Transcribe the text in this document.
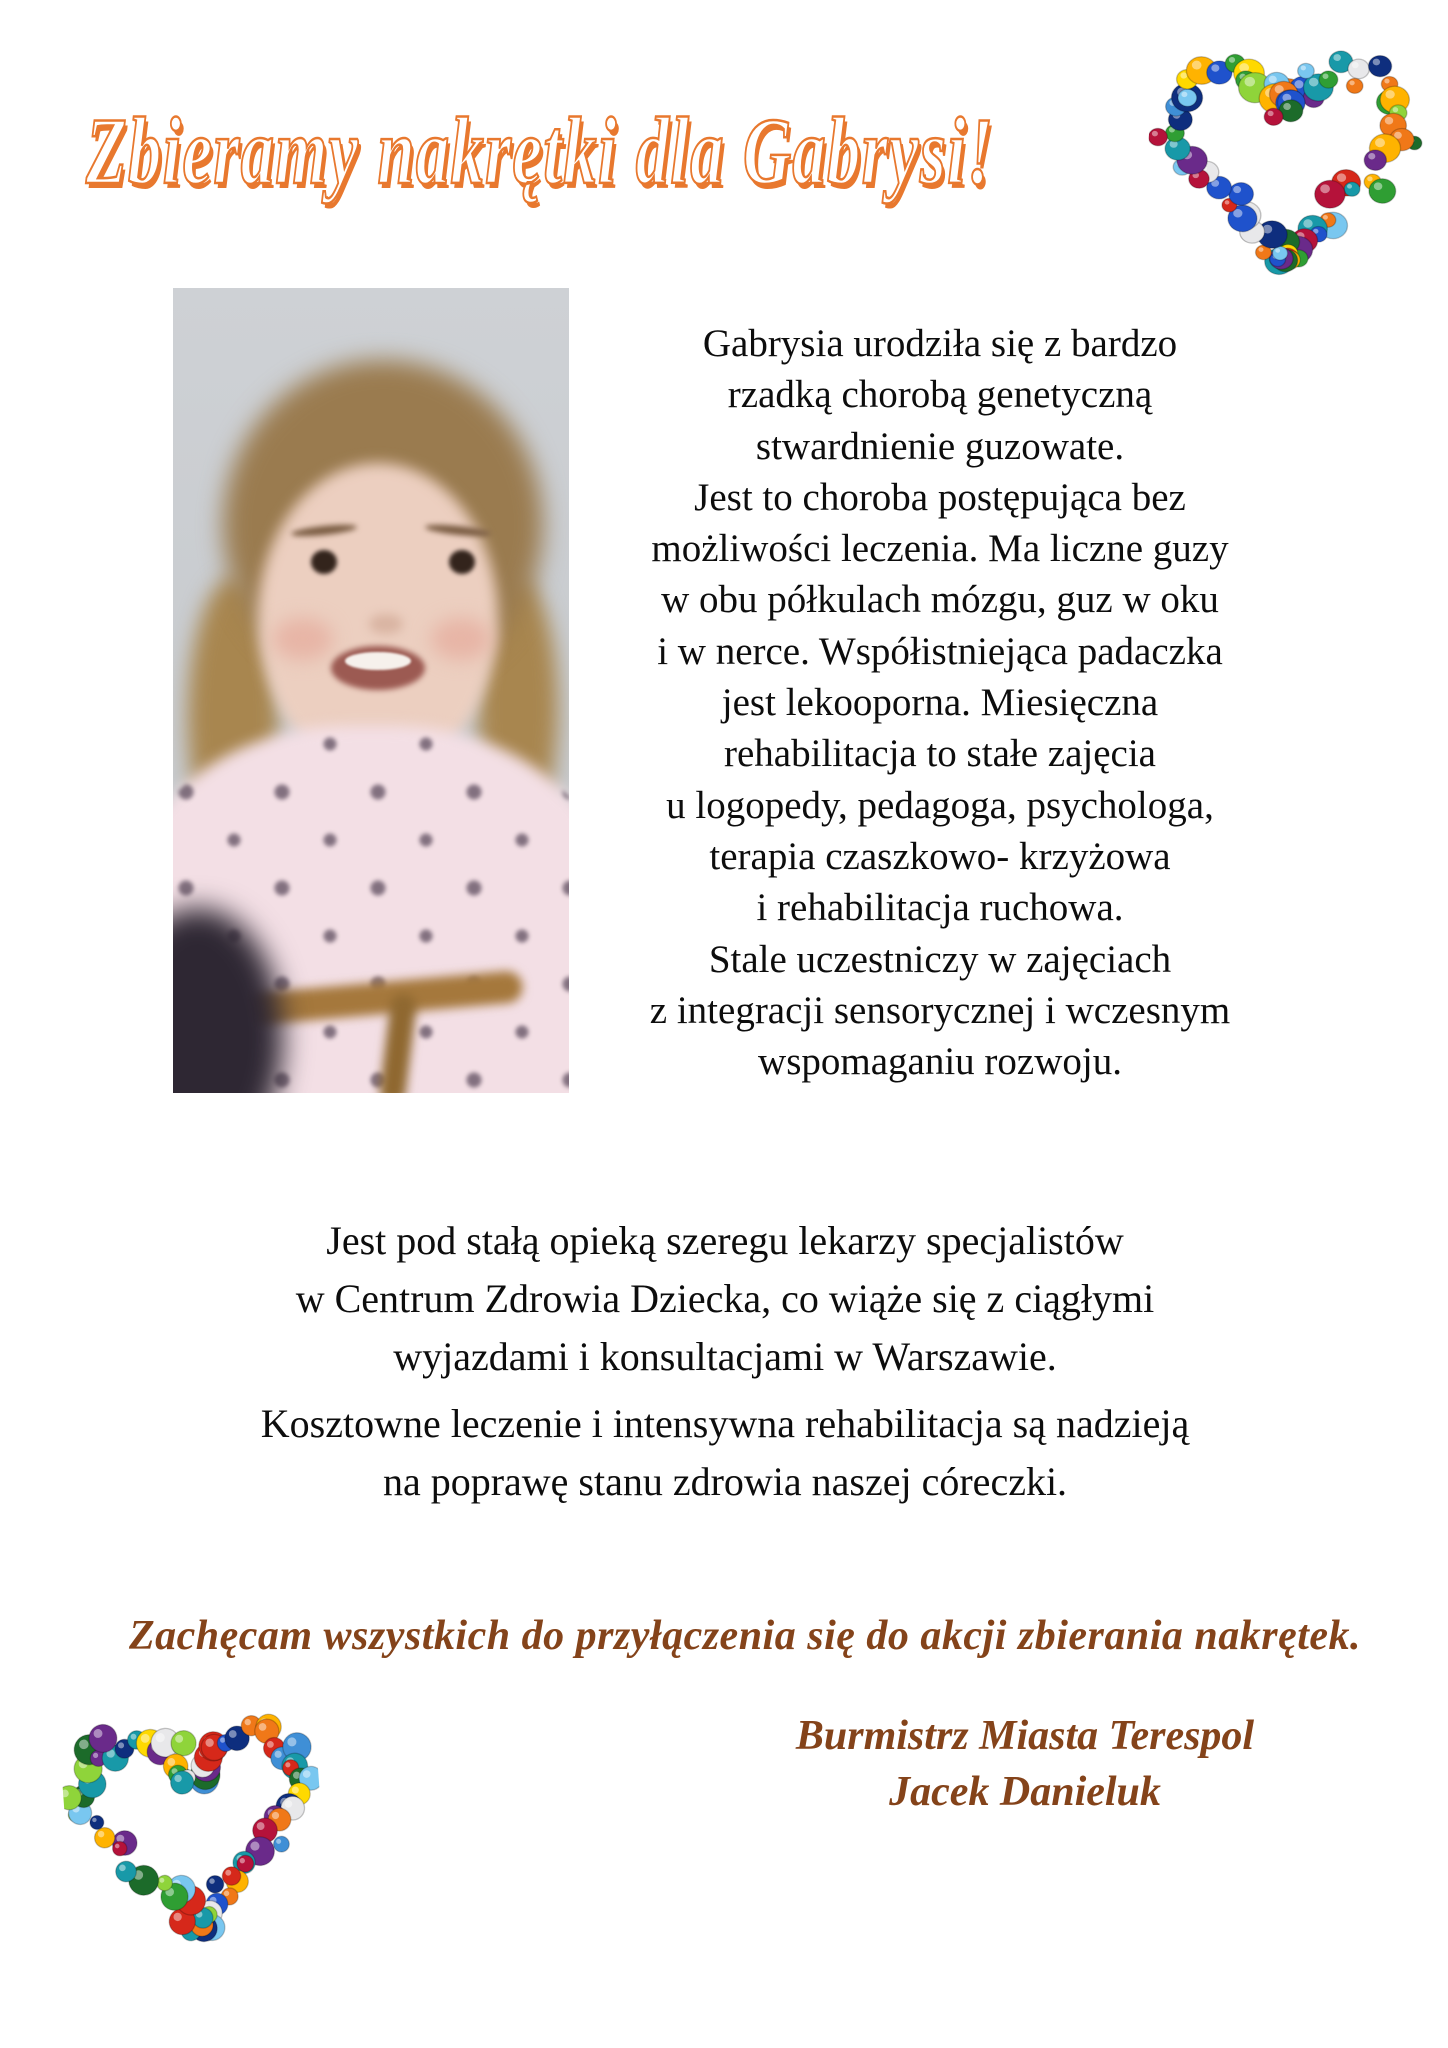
Zbieramy nakrętki dla Gabrysi!
Gabrysia urodziła się z bardzo
rzadką chorobą genetyczną
stwardnienie guzowate.
Jest to choroba postępująca bez
możliwości leczenia. Ma liczne guzy
w obu półkulach mózgu, guz w oku
i w nerce. Współistniejąca padaczka
jest lekooporna. Miesięczna
rehabilitacja to stałe zajęcia
u logopedy, pedagoga, psychologa,
terapia czaszkowo- krzyżowa
i rehabilitacja ruchowa.
Stale uczestniczy w zajęciach
z integracji sensorycznej i wczesnym
wspomaganiu rozwoju.
Jest pod stałą opieką szeregu lekarzy specjalistów
w Centrum Zdrowia Dziecka, co wiąże się z ciągłymi
wyjazdami i konsultacjami w Warszawie.
Kosztowne leczenie i intensywna rehabilitacja są nadzieją
na poprawę stanu zdrowia naszej córeczki.
Zachęcam wszystkich do przyłączenia się do akcji zbierania nakrętek.
Burmistrz Miasta Terespol
Jacek Danieluk
